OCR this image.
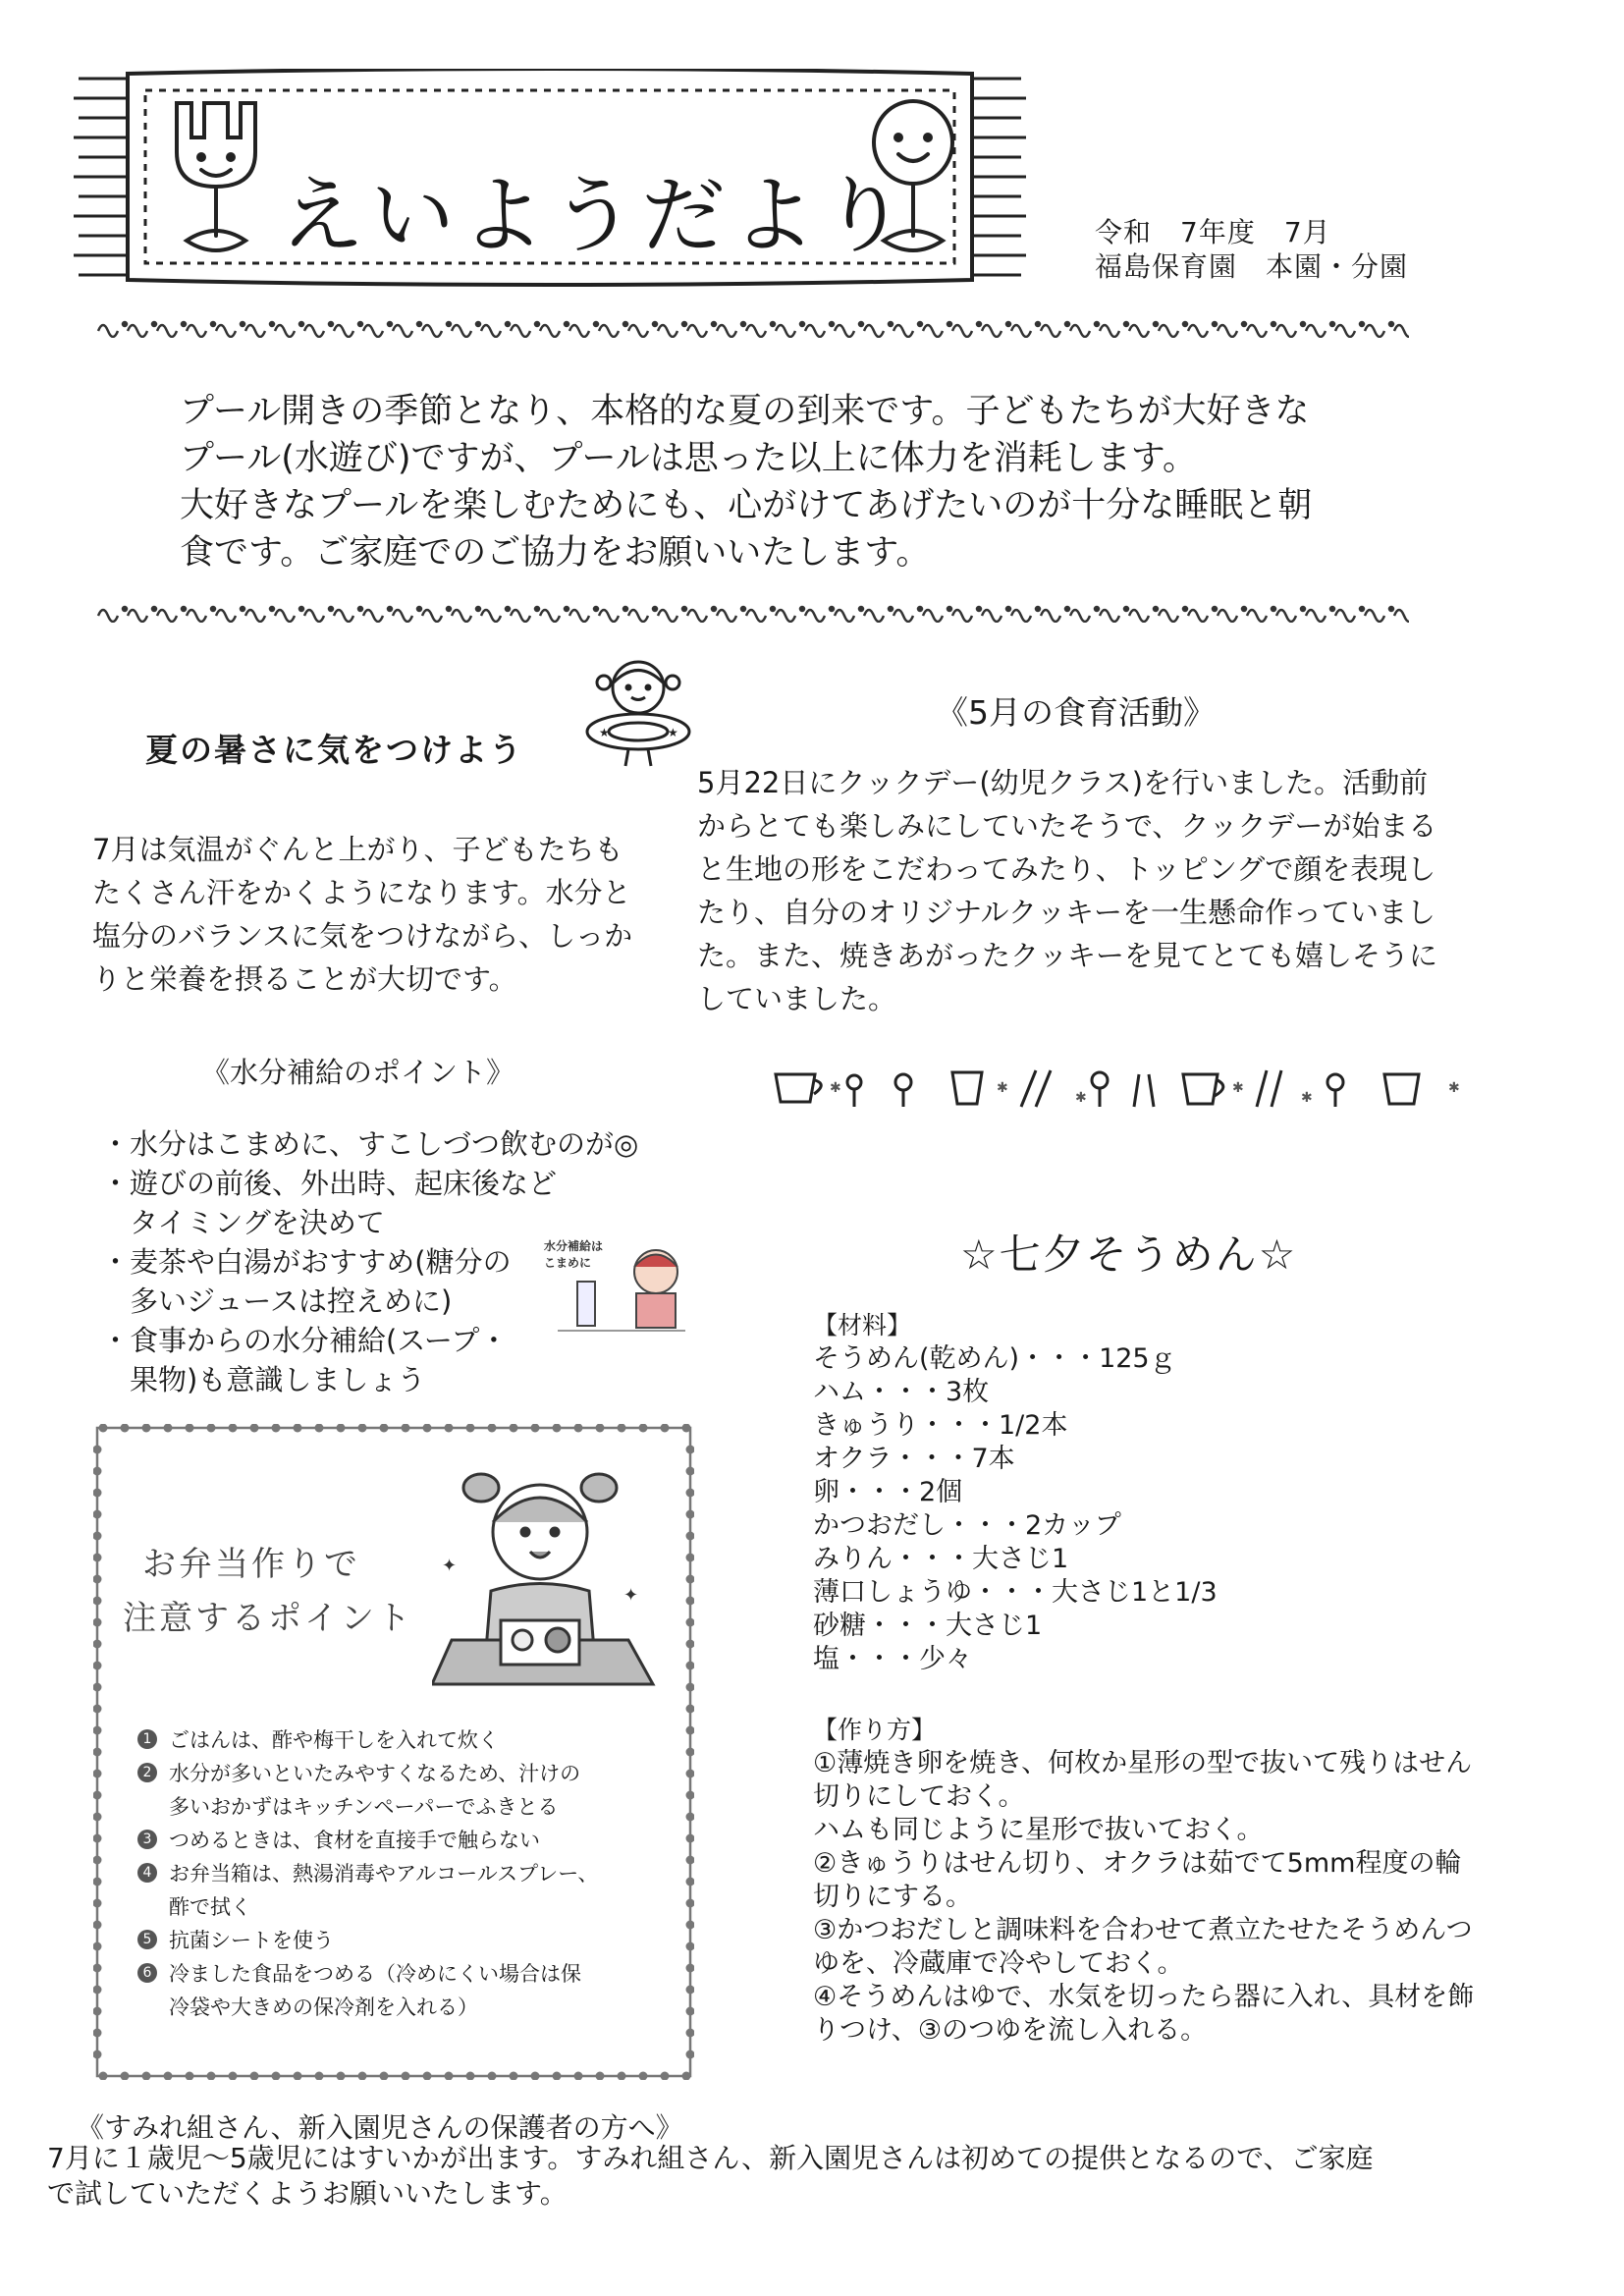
えいようだより	令和　7年度　7月
福島保育園　本園・分園

プール開きの季節となり、本格的な夏の到来です。子どもたちが大好きな

プール(水遊び)ですが、プールは思った以上に体力を消耗します。

大好きなプールを楽しむためにも、心がけてあげたいのが十分な睡眠と朝

食です。ご家庭でのご協力をお願いいたします。

★	★
夏の暑さに気をつけよう

7月は気温がぐんと上がり、子どもたちも

たくさん汗をかくようになります。水分と

塩分のバランスに気をつけながら、しっか

りと栄養を摂ることが大切です。

《5月の食育活動》

5月22日にクックデー(幼児クラス)を行いました。活動前

からとても楽しみにしていたそうで、クックデーが始まる

と生地の形をこだわってみたり、トッピングで顔を表現し

たり、自分のオリジナルクッキーを一生懸命作っていまし

た。また、焼きあがったクッキーを見てとても嬉しそうに

していました。

✱	✱
✱
✱
✱
✱
《水分補給のポイント》
・水分はこまめに、すこしづつ飲むのが◎
・遊びの前後、外出時、起床後など
　タイミングを決めて
・麦茶や白湯がおすすめ(糖分の
　多いジュースは控えめに)
・食事からの水分補給(スープ・
　果物)も意識しましょう
水分補給は
こまめに
お弁当作りで
注意するポイント
✦
✦
1 ごはんは、酢や梅干しを入れて炊く
2 水分が多いといたみやすくなるため、汁けの
多いおかずはキッチンペーパーでふきとる
3 つめるときは、食材を直接手で触らない
4 お弁当箱は、熱湯消毒やアルコールスプレー、
酢で拭く
5 抗菌シートを使う
6 冷ました食品をつめる（冷めにくい場合は保
冷袋や大きめの保冷剤を入れる）
☆七夕そうめん☆

【材料】

そうめん(乾めん)・・・125ｇ

ハム・・・3枚

きゅうり・・・1/2本

オクラ・・・7本

卵・・・2個

かつおだし・・・2カップ

みりん・・・大さじ1

薄口しょうゆ・・・大さじ1と1/3

砂糖・・・大さじ1

塩・・・少々

【作り方】

①薄焼き卵を焼き、何枚か星形の型で抜いて残りはせん

切りにしておく。

ハムも同じように星形で抜いておく。

②きゅうりはせん切り、オクラは茹でて5mm程度の輪

切りにする。

③かつおだしと調味料を合わせて煮立たせたそうめんつ

ゆを、冷蔵庫で冷やしておく。

④そうめんはゆで、水気を切ったら器に入れ、具材を飾

りつけ、③のつゆを流し入れる。

《すみれ組さん、新入園児さんの保護者の方へ》

7月に１歳児～5歳児にはすいかが出ます。すみれ組さん、新入園児さんは初めての提供となるので、ご家庭

で試していただくようお願いいたします。
